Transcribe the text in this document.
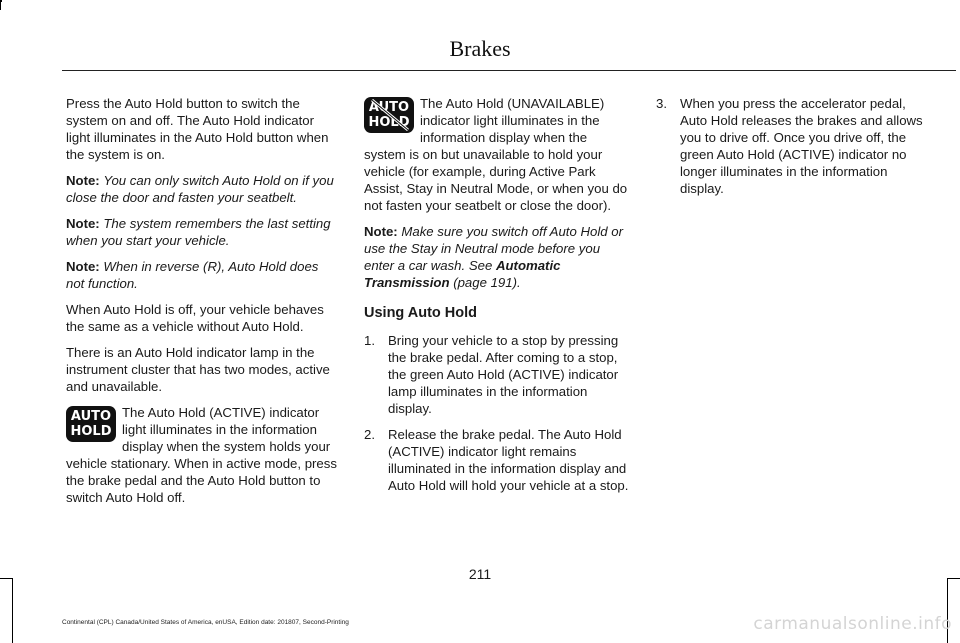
Brakes

Press the Auto Hold button to switch the system on and off. The Auto Hold indicator light illuminates in the Auto Hold button when the system is on.

Note: You can only switch Auto Hold on if you close the door and fasten your seatbelt.

Note: The system remembers the last setting when you start your vehicle.

Note: When in reverse (R), Auto Hold does not function.

When Auto Hold is off, your vehicle behaves the same as a vehicle without Auto Hold.

There is an Auto Hold indicator lamp in the instrument cluster that has two modes, active and unavailable.

AUTO
HOLD
The Auto Hold (ACTIVE) indicator light illuminates in the information display when the system holds your vehicle stationary. When in active mode, press the brake pedal and the Auto Hold button to switch Auto Hold off.

AUTO
HOLD
The Auto Hold (UNAVAILABLE) indicator light illuminates in the information display when the system is on but unavailable to hold your vehicle (for example, during Active Park Assist, Stay in Neutral Mode, or when you do not fasten your seatbelt or close the door).

Note: Make sure you switch off Auto Hold or use the Stay in Neutral mode before you enter a car wash. See Automatic Transmission (page 191).

Using Auto Hold
1. Bring your vehicle to a stop by pressing the brake pedal. After coming to a stop, the green Auto Hold (ACTIVE) indicator lamp illuminates in the information display.
2. Release the brake pedal. The Auto Hold (ACTIVE) indicator light remains illuminated in the information display and Auto Hold will hold your vehicle at a stop.
3. When you press the accelerator pedal, Auto Hold releases the brakes and allows you to drive off. Once you drive off, the green Auto Hold (ACTIVE) indicator no longer illuminates in the information display.
211
Continental (CPL) Canada/United States of America, enUSA, Edition date: 201807, Second-Printing	carmanualsonline.info
